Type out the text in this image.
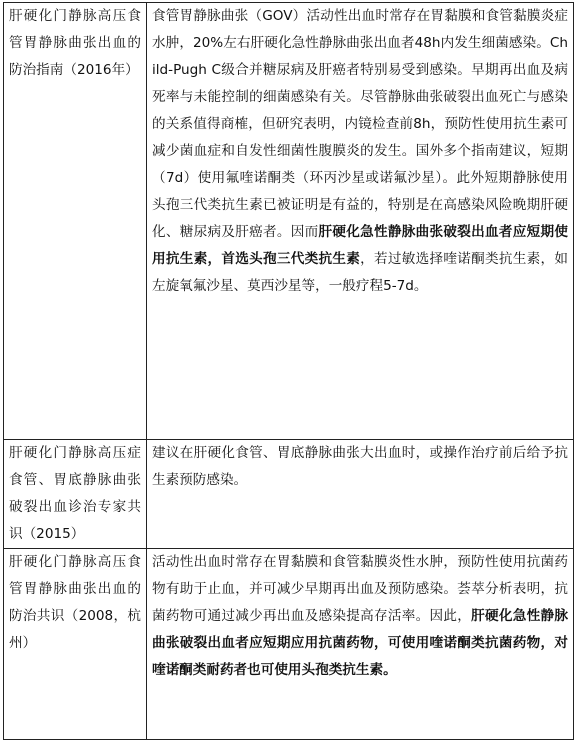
肝硬化门静脉高压食管胃静脉曲张出血的防治指南（2016年）	食管胃静脉曲张（GOV）活动性出血时常存在胃黏膜和食管黏膜炎症水肿，20%左右肝硬化急性静脉曲张出血者48h内发生细菌感染。Child-Pugh C级合并糖尿病及肝癌者特别易受到感染。早期再出血及病死率与未能控制的细菌感染有关。尽管静脉曲张破裂出血死亡与感染的关系值得商榷，但研究表明，内镜检查前8h，预防性使用抗生素可减少菌血症和自发性细菌性腹膜炎的发生。国外多个指南建议，短期（7d）使用氟喹诺酮类（环丙沙星或诺氟沙星）。此外短期静脉使用头孢三代类抗生素已被证明是有益的，特别是在高感染风险晚期肝硬化、糖尿病及肝癌者。因而肝硬化急性静脉曲张破裂出血者应短期使用抗生素，首选头孢三代类抗生素，若过敏选择喹诺酮类抗生素，如左旋氧氟沙星、莫西沙星等，一般疗程5-7d。
肝硬化门静脉高压症食管、胃底静脉曲张破裂出血诊治专家共识（2015）	建议在肝硬化食管、胃底静脉曲张大出血时，或操作治疗前后给予抗生素预防感染。
肝硬化门静脉高压食管胃静脉曲张出血的防治共识（2008，杭州）	活动性出血时常存在胃黏膜和食管黏膜炎性水肿，预防性使用抗菌药物有助于止血，并可减少早期再出血及预防感染。荟萃分析表明，抗菌药物可通过减少再出血及感染提高存活率。因此，肝硬化急性静脉曲张破裂出血者应短期应用抗菌药物，可使用喹诺酮类抗菌药物，对喹诺酮类耐药者也可使用头孢类抗生素。
